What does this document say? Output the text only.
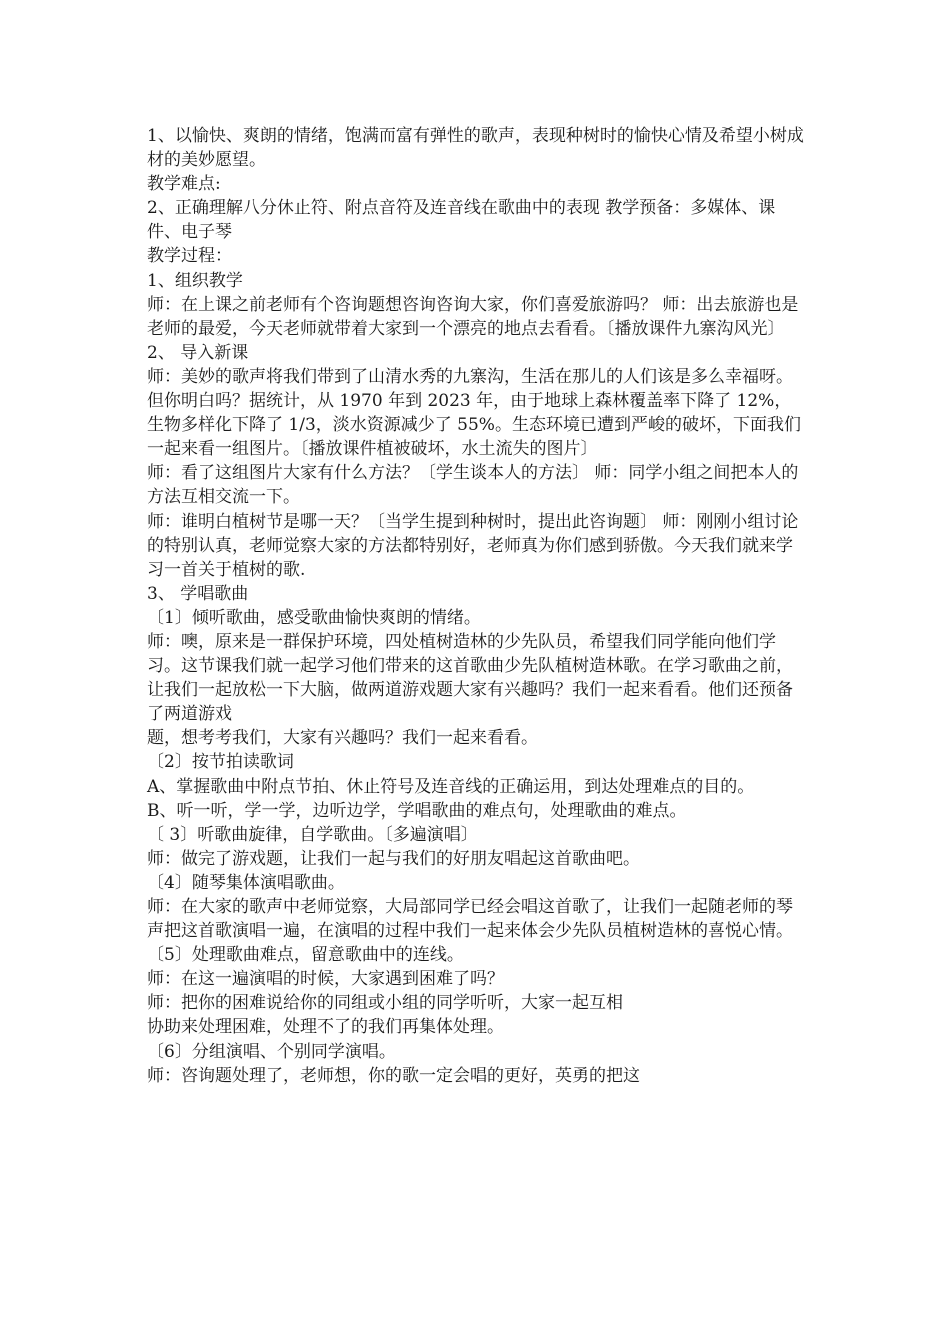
1、以愉快、爽朗的情绪，饱满而富有弹性的歌声，表现种树时的愉快心情及希望小树成材的美妙愿望。

教学难点:

2、正确理解八分休止符、附点音符及连音线在歌曲中的表现 教学预备：多媒体、课件、电子琴

教学过程：

1、组织教学

师：在上课之前老师有个咨询题想咨询咨询大家，你们喜爱旅游吗？ 师：出去旅游也是老师的最爱，今天老师就带着大家到一个漂亮的地点去看看。〔播放课件九寨沟风光〕

2、 导入新课

师：美妙的歌声将我们带到了山清水秀的九寨沟，生活在那儿的人们该是多么幸福呀。但你明白吗？据统计，从 1970 年到 2023 年，由于地球上森林覆盖率下降了 12%，生物多样化下降了 1/3，淡水资源减少了 55%。生态环境已遭到严峻的破坏，下面我们一起来看一组图片。〔播放课件植被破坏，水土流失的图片〕

师：看了这组图片大家有什么方法？〔学生谈本人的方法〕 师：同学小组之间把本人的方法互相交流一下。

师：谁明白植树节是哪一天？〔当学生提到种树时，提出此咨询题〕 师：刚刚小组讨论的特别认真，老师觉察大家的方法都特别好，老师真为你们感到骄傲。今天我们就来学习一首关于植树的歌.

3、 学唱歌曲

〔1〕倾听歌曲，感受歌曲愉快爽朗的情绪。

师：噢，原来是一群保护环境，四处植树造林的少先队员，希望我们同学能向他们学习。这节课我们就一起学习他们带来的这首歌曲少先队植树造林歌。在学习歌曲之前，让我们一起放松一下大脑，做两道游戏题大家有兴趣吗？我们一起来看看。他们还预备了两道游戏

题，想考考我们，大家有兴趣吗？我们一起来看看。

〔2〕按节拍读歌词

A、掌握歌曲中附点节拍、休止符号及连音线的正确运用，到达处理难点的目的。

B、听一听，学一学，边听边学，学唱歌曲的难点句，处理歌曲的难点。

〔 3〕听歌曲旋律，自学歌曲。〔多遍演唱〕

师：做完了游戏题，让我们一起与我们的好朋友唱起这首歌曲吧。

〔4〕随琴集体演唱歌曲。

师：在大家的歌声中老师觉察，大局部同学已经会唱这首歌了，让我们一起随老师的琴声把这首歌演唱一遍，在演唱的过程中我们一起来体会少先队员植树造林的喜悦心情。

〔5〕处理歌曲难点，留意歌曲中的连线。

师：在这一遍演唱的时候，大家遇到困难了吗？

师：把你的困难说给你的同组或小组的同学听听，大家一起互相

协助来处理困难，处理不了的我们再集体处理。

〔6〕分组演唱、个别同学演唱。

师：咨询题处理了，老师想，你的歌一定会唱的更好，英勇的把这
